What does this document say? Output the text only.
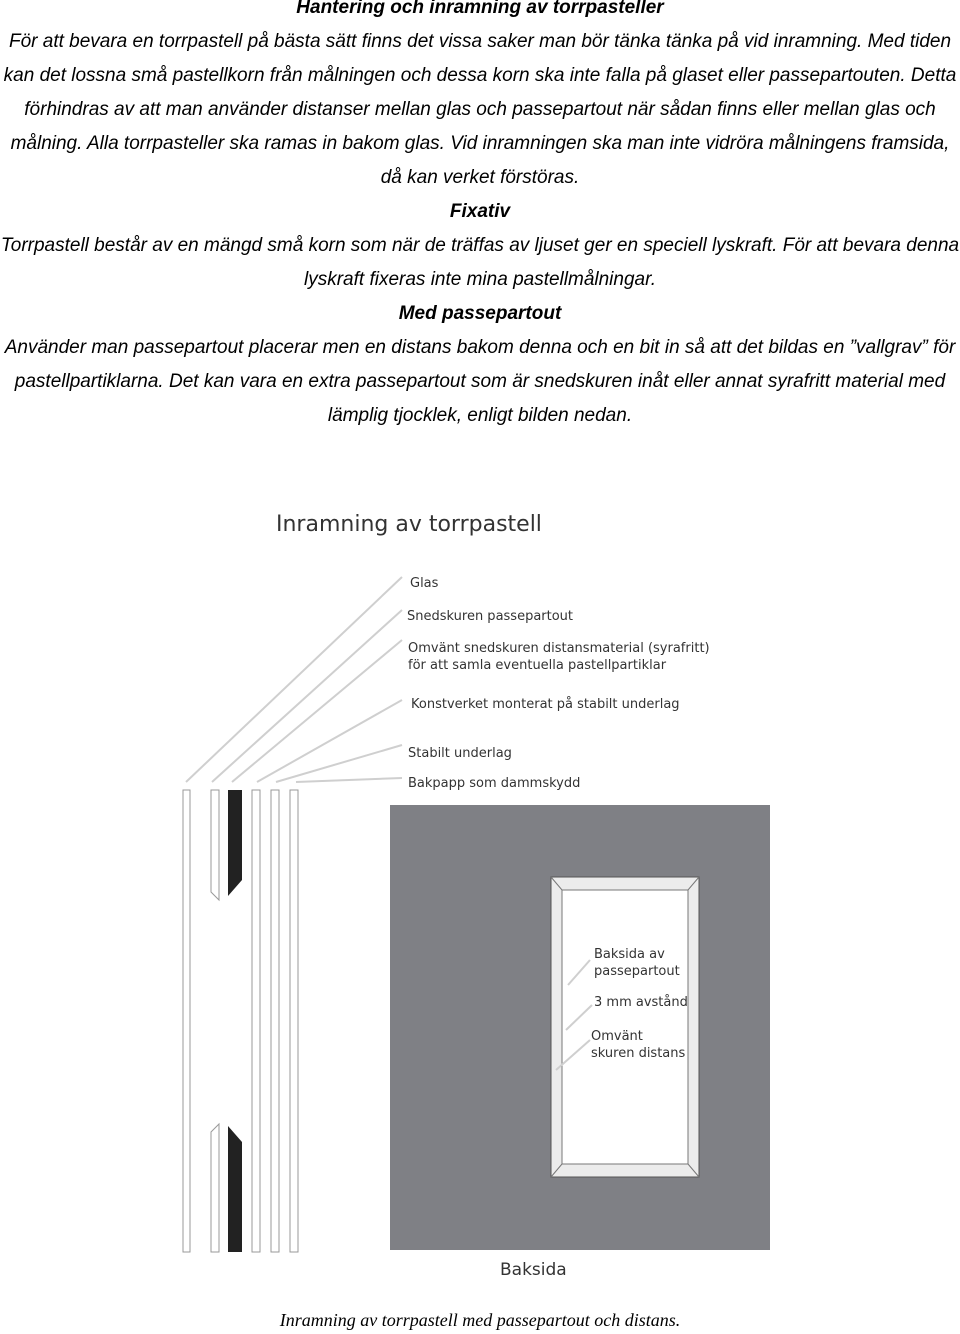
Hantering och inramning av torrpasteller

För att bevara en torrpastell på bästa sätt finns det vissa saker man bör tänka tänka på vid inramning. Med tiden kan det lossna små pastellkorn från målningen och dessa korn ska inte falla på glaset eller passepartouten. Detta förhindras av att man använder distanser mellan glas och passepartout när sådan finns eller mellan glas och målning. Alla torrpasteller ska ramas in bakom glas. Vid inramningen ska man inte vidröra målningens framsida, då kan verket förstöras.

Fixativ

Torrpastell består av en mängd små korn som när de träffas av ljuset ger en speciell lyskraft. För att bevara denna lyskraft fixeras inte mina pastellmålningar.

Med passepartout

Använder man passepartout placerar men en distans bakom denna och en bit in så att det bildas en ”vallgrav” för pastellpartiklarna. Det kan vara en extra passepartout som är snedskuren inåt eller annat syrafritt material med lämplig tjocklek, enligt bilden nedan.

Inramning av torrpastell
Glas
Snedskuren passepartout
Omvänt snedskuren distansmaterial (syrafritt)
för att samla eventuella pastellpartiklar
Konstverket monterat på stabilt underlag
Stabilt underlag
Bakpapp som dammskydd
Baksida av
passepartout
3 mm avstånd
Omvänt
skuren distans
Baksida
Inramning av torrpastell med passepartout och distans.
